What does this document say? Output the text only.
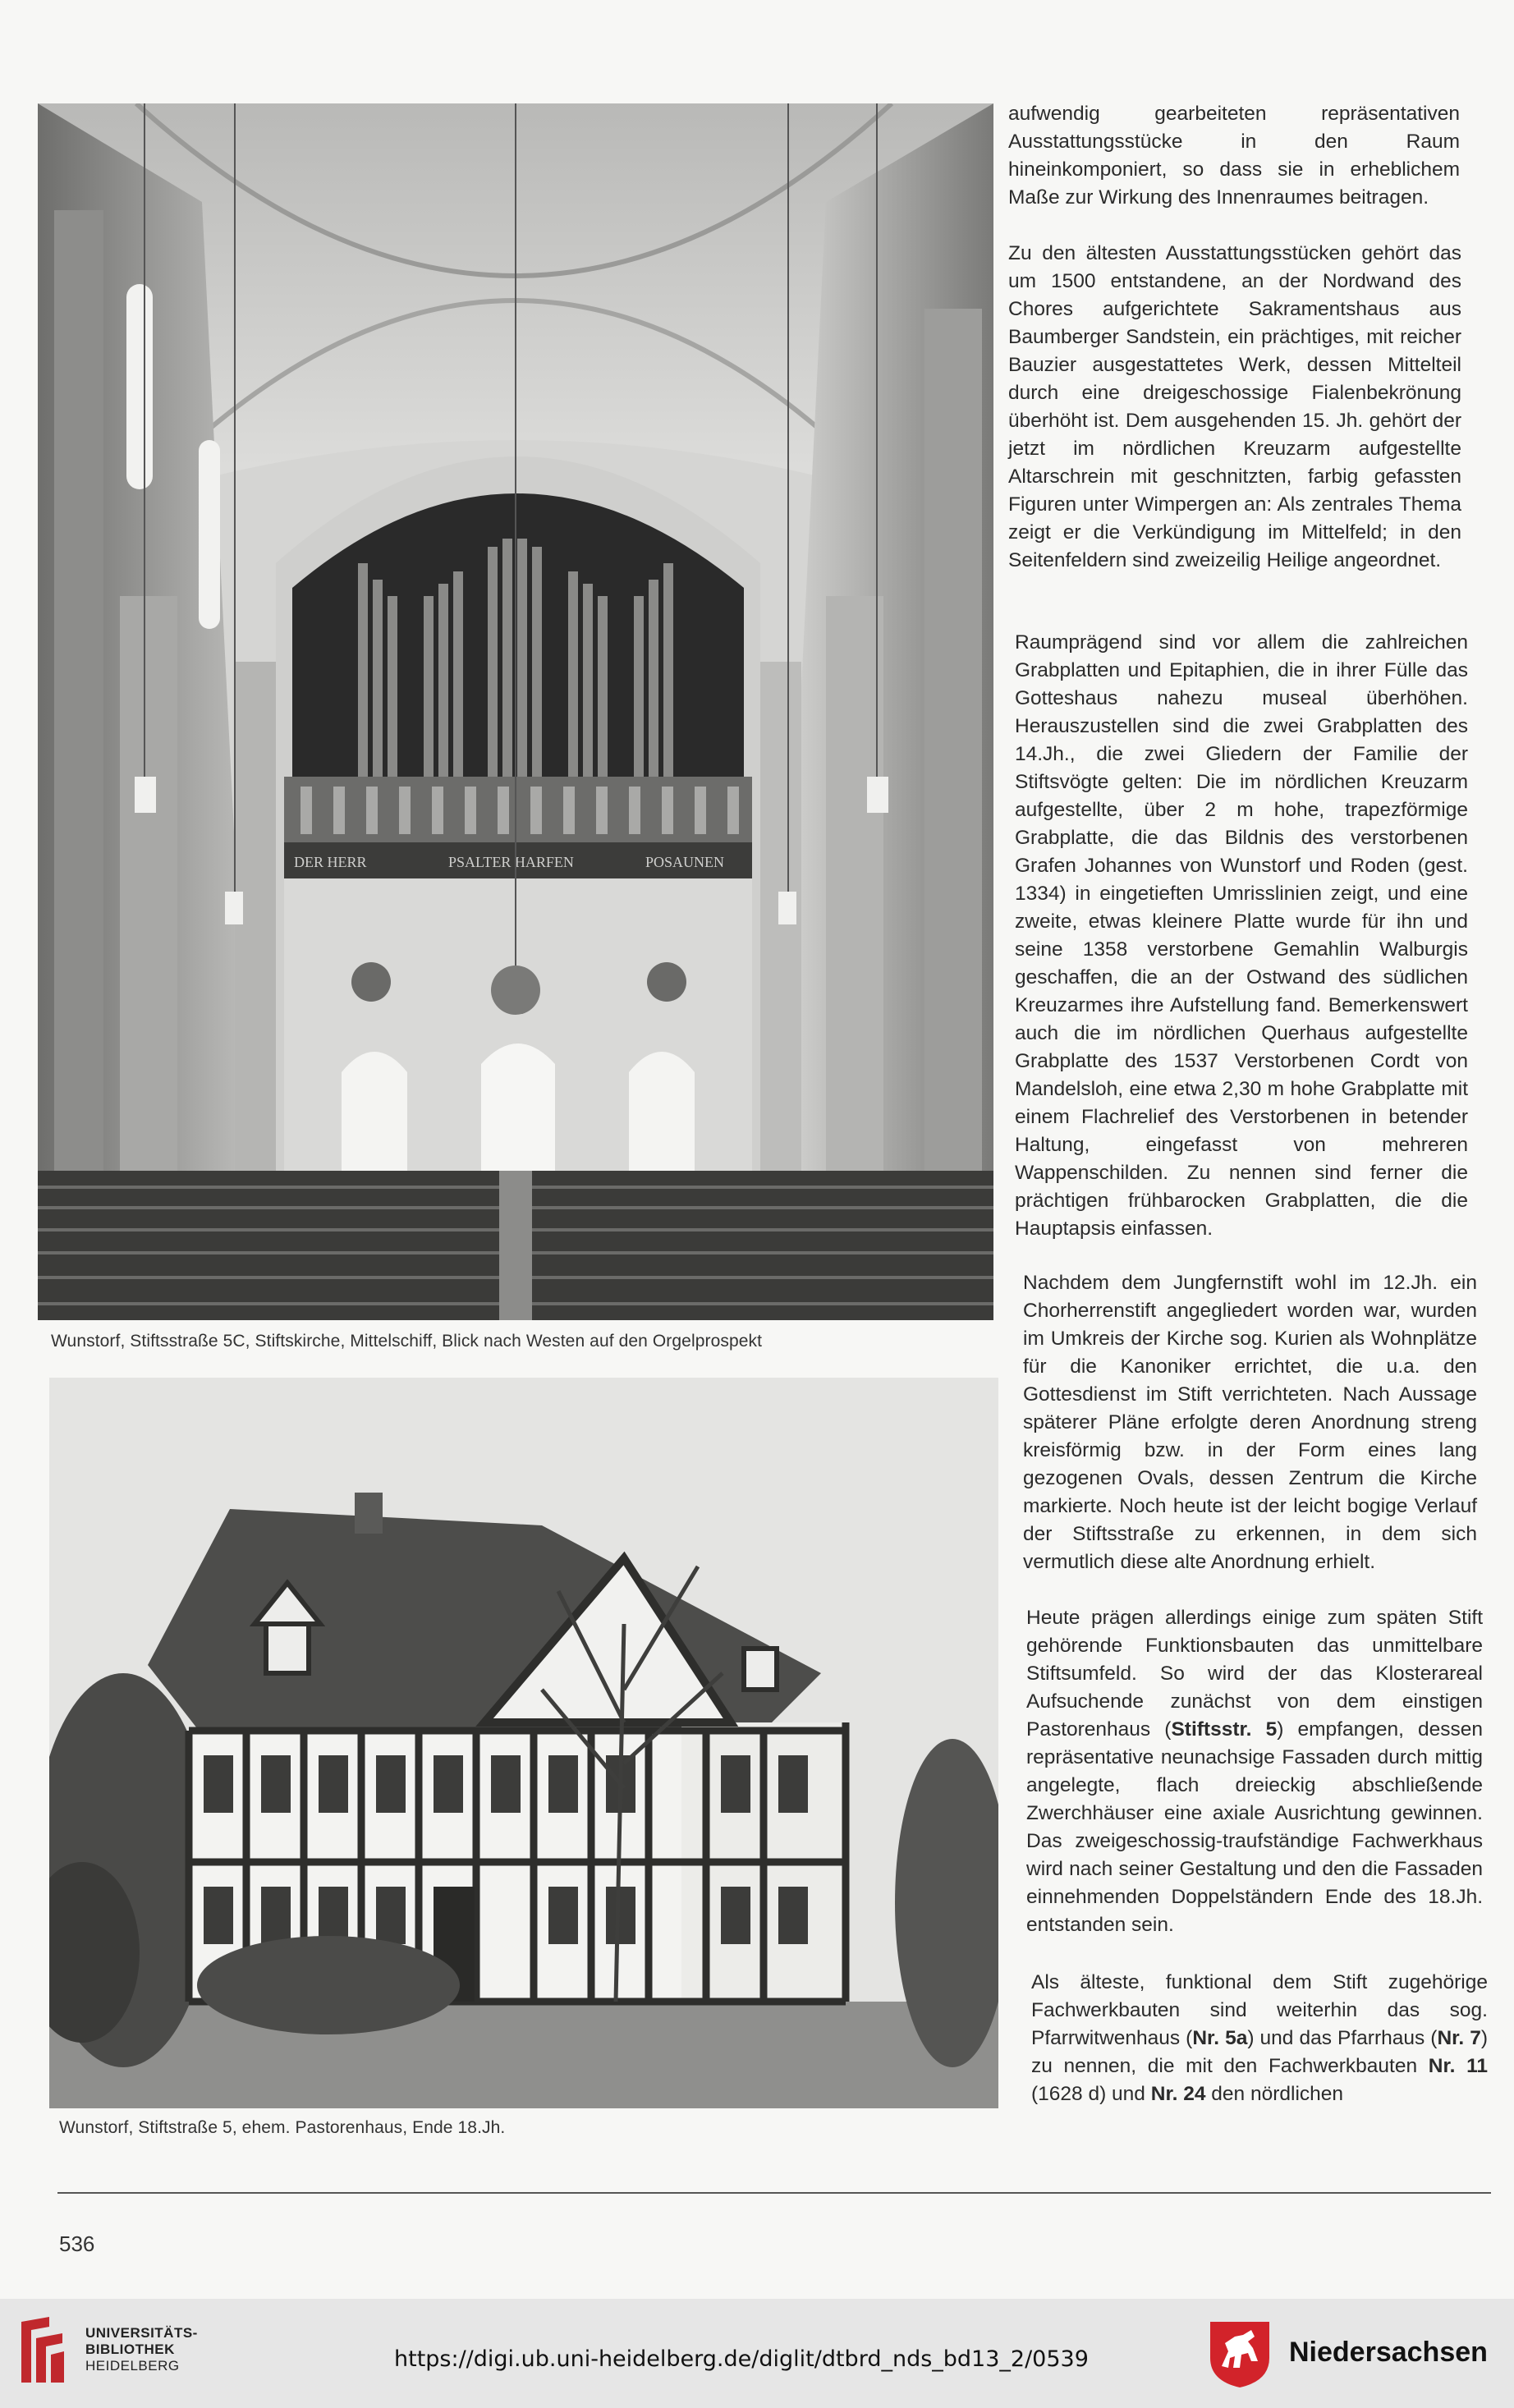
DER HERR	PSALTER HARFEN	POSAUNEN
Wunstorf, Stiftsstraße 5C, Stiftskirche, Mittelschiff, Blick nach Westen auf den Orgelprospekt
Wunstorf, Stiftstraße 5, ehem. Pastorenhaus, Ende 18.Jh.
aufwendig gearbeiteten repräsentativen Ausstattungsstücke in den Raum hineinkomponiert, so dass sie in erheblichem Maße zur Wirkung des Innenraumes beitragen.
Zu den ältesten Ausstattungsstücken gehört das um 1500 entstandene, an der Nordwand des Chores aufgerichtete Sakramentshaus aus Baumberger Sandstein, ein prächtiges, mit reicher Bauzier ausgestattetes Werk, dessen Mittelteil durch eine dreigeschossige Fialenbekrönung überhöht ist. Dem ausgehenden 15. Jh. gehört der jetzt im nördlichen Kreuzarm aufgestellte Altarschrein mit geschnitzten, farbig gefassten Figuren unter Wimpergen an: Als zentrales Thema zeigt er die Verkündigung im Mittelfeld; in den Seitenfeldern sind zweizeilig Heilige angeordnet.
Raumprägend sind vor allem die zahlreichen Grabplatten und Epitaphien, die in ihrer Fülle das Gotteshaus nahezu museal überhöhen. Herauszustellen sind die zwei Grabplatten des 14.Jh., die zwei Gliedern der Familie der Stiftsvögte gelten: Die im nördlichen Kreuzarm aufgestellte, über 2 m hohe, trapezförmige Grabplatte, die das Bildnis des verstorbenen Grafen Johannes von Wunstorf und Roden (gest. 1334) in eingetieften Umrisslinien zeigt, und eine zweite, etwas kleinere Platte wurde für ihn und seine 1358 verstorbene Gemahlin Walburgis geschaffen, die an der Ostwand des südlichen Kreuzarmes ihre Aufstellung fand. Bemerkenswert auch die im nördlichen Querhaus aufgestellte Grabplatte des 1537 Verstorbenen Cordt von Mandelsloh, eine etwa 2,30 m hohe Grabplatte mit einem Flachrelief des Verstorbenen in betender Haltung, eingefasst von mehreren Wappenschilden. Zu nennen sind ferner die prächtigen frühbarocken Grabplatten, die die Hauptapsis einfassen.
Nachdem dem Jungfernstift wohl im 12.Jh. ein Chorherrenstift angegliedert worden war, wurden im Umkreis der Kirche sog. Kurien als Wohnplätze für die Kanoniker errichtet, die u.a. den Gottesdienst im Stift verrichteten. Nach Aussage späterer Pläne erfolgte deren Anordnung streng kreisförmig bzw. in der Form eines lang gezogenen Ovals, dessen Zentrum die Kirche markierte. Noch heute ist der leicht bogige Verlauf der Stiftsstraße zu erkennen, in dem sich vermutlich diese alte Anordnung erhielt.
Heute prägen allerdings einige zum späten Stift gehörende Funktionsbauten das unmittelbare Stiftsumfeld. So wird der das Klosterareal Aufsuchende zunächst von dem einstigen Pastorenhaus (Stiftsstr. 5) empfangen, dessen repräsentative neunachsige Fassaden durch mittig angelegte, flach dreieckig abschließende Zwerchhäuser eine axiale Ausrichtung gewinnen. Das zweigeschossig-traufständige Fachwerkhaus wird nach seiner Gestaltung und den die Fassaden einnehmenden Doppelständern Ende des 18.Jh. entstanden sein.
Als älteste, funktional dem Stift zugehörige Fachwerkbauten sind weiterhin das sog. Pfarrwitwenhaus (Nr. 5a) und das Pfarrhaus (Nr. 7) zu nennen, die mit den Fachwerkbauten Nr. 11 (1628 d) und Nr. 24 den nördlichen
536
UNIVERSITÄTS-
BIBLIOTHEK
HEIDELBERG	https://digi.ub.uni-heidelberg.de/diglit/dtbrd_nds_bd13_2/0539	Niedersachsen
